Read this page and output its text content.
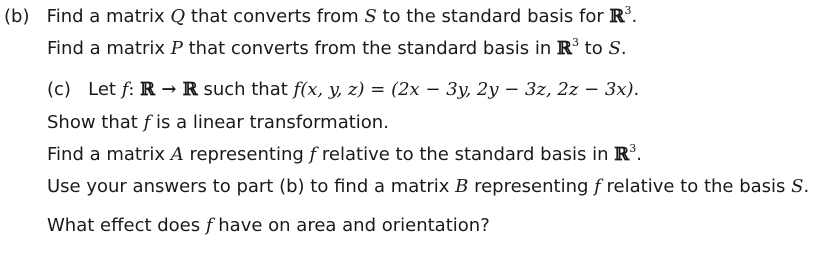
(b) Find a matrix Q that converts from S to the standard basis for ℝ$^3$.
Find a matrix P that converts from the standard basis in ℝ$^3$ to S.
(c) Let f: ℝ → ℝ such that f(x, y, z) = (2x − 3y, 2y − 3z, 2z − 3x).
Show that f is a linear transformation.
Find a matrix A representing f relative to the standard basis in ℝ$^3$.
Use your answers to part (b) to find a matrix B representing f relative to the basis S.
What effect does f have on area and orientation?
